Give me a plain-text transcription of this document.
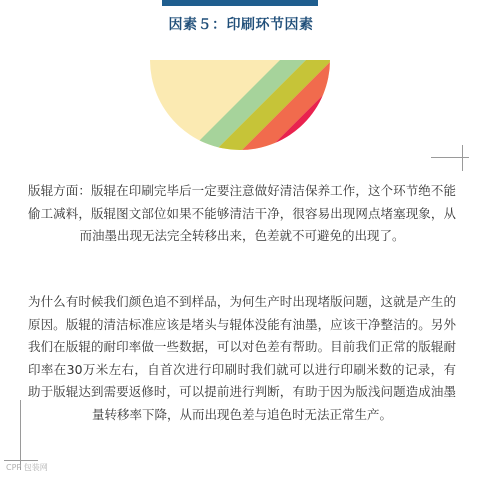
因素５：印刷环节因素
版辊方面：版辊在印刷完毕后一定要注意做好清洁保养工作，这个环节绝不能偷工减料，版辊图文部位如果不能够清洁干净，很容易出现网点堵塞现象，从而油墨出现无法完全转移出来，色差就不可避免的出现了。
为什么有时候我们颜色追不到样品，为何生产时出现堵版问题，这就是产生的原因。版辊的清洁标准应该是堵头与辊体没能有油墨，应该干净整洁的。另外我们在版辊的耐印率做一些数据，可以对色差有帮助。目前我们正常的版辊耐印率在30万米左右，自首次进行印刷时我们就可以进行印刷米数的记录，有助于版辊达到需要返修时，可以提前进行判断，有助于因为版浅问题造成油墨量转移率下降，从而出现色差与追色时无法正常生产。
CPP 包装网
